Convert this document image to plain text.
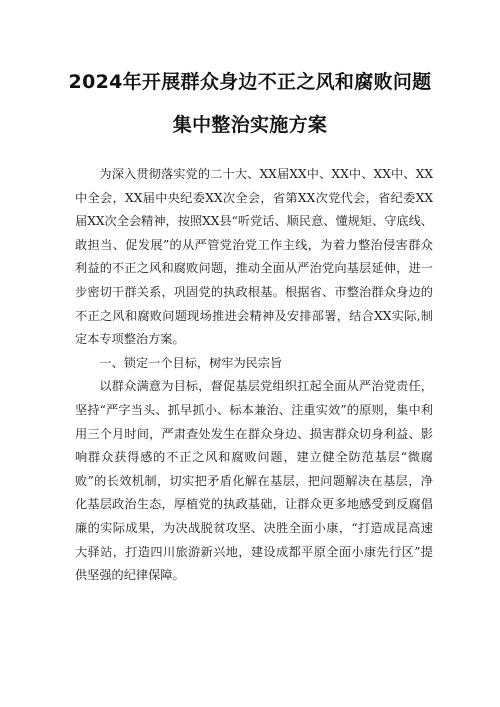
2024年开展群众身边不正之风和腐败问题
集中整治实施方案

为深入贯彻落实党的二十大、XX届XX中、XX中、XX中、XX中全会，XX届中央纪委XX次全会，省第XX次党代会，省纪委XX届XX次全会精神，按照XX县“听党话、顺民意、懂规矩、守底线、敢担当、促发展”的从严管党治党工作主线，为着力整治侵害群众利益的不正之风和腐败问题，推动全面从严治党向基层延伸，进一步密切干群关系，巩固党的执政根基。根据省、市整治群众身边的不正之风和腐败问题现场推进会精神及安排部署，结合XX实际,制定本专项整治方案。

一、锁定一个目标，树牢为民宗旨

以群众满意为目标，督促基层党组织扛起全面从严治党责任，坚持“严字当头、抓早抓小、标本兼治、注重实效”的原则，集中利用三个月时间，严肃查处发生在群众身边、损害群众切身利益、影响群众获得感的不正之风和腐败问题，建立健全防范基层“微腐败”的长效机制，切实把矛盾化解在基层，把问题解决在基层，净化基层政治生态，厚植党的执政基础，让群众更多地感受到反腐倡廉的实际成果，为决战脱贫攻坚、决胜全面小康，“打造成昆高速大驿站，打造四川旅游新兴地，建设成都平原全面小康先行区”提供坚强的纪律保障。
